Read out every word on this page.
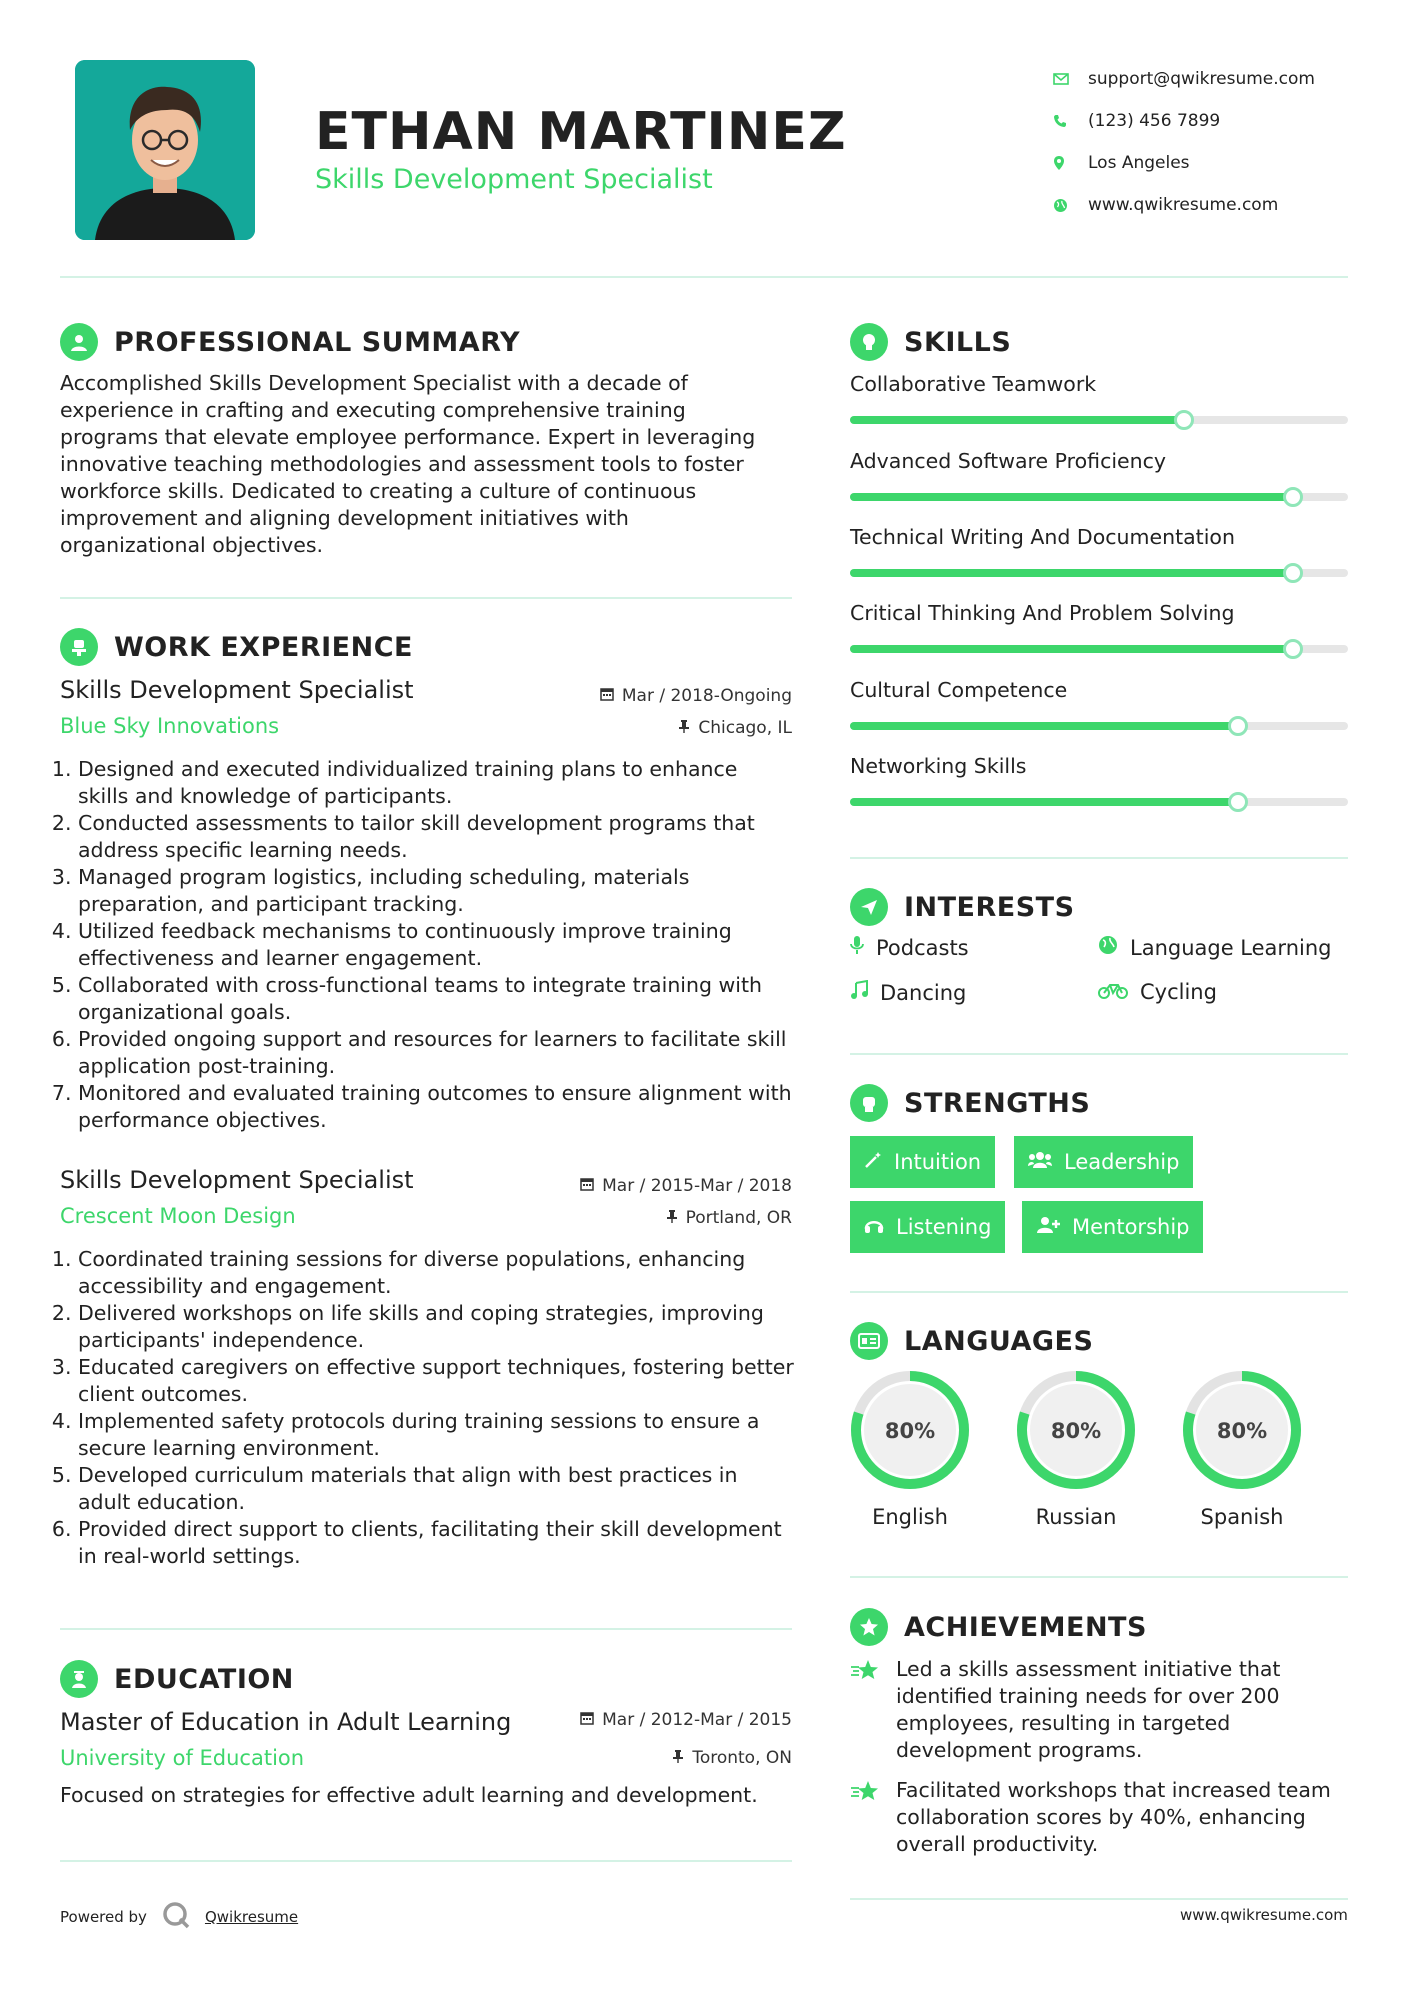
ETHAN MARTINEZ
Skills Development Specialist
support@qwikresume.com
(123) 456 7899
Los Angeles
www.qwikresume.com
PROFESSIONAL SUMMARY
Accomplished Skills Development Specialist with a decade of experience in crafting and executing comprehensive training programs that elevate employee performance. Expert in leveraging innovative teaching methodologies and assessment tools to foster workforce skills. Dedicated to creating a culture of continuous improvement and aligning development initiatives with organizational objectives.
WORK EXPERIENCE
Skills Development Specialist	Mar / 2018-Ongoing
Blue Sky Innovations	Chicago, IL
1. Designed and executed individualized training plans to enhance skills and knowledge of participants.
2. Conducted assessments to tailor skill development programs that address specific learning needs.
3. Managed program logistics, including scheduling, materials preparation, and participant tracking.
4. Utilized feedback mechanisms to continuously improve training effectiveness and learner engagement.
5. Collaborated with cross-functional teams to integrate training with organizational goals.
6. Provided ongoing support and resources for learners to facilitate skill application post-training.
7. Monitored and evaluated training outcomes to ensure alignment with performance objectives.
Skills Development Specialist	Mar / 2015-Mar / 2018
Crescent Moon Design	Portland, OR
1. Coordinated training sessions for diverse populations, enhancing accessibility and engagement.
2. Delivered workshops on life skills and coping strategies, improving participants' independence.
3. Educated caregivers on effective support techniques, fostering better client outcomes.
4. Implemented safety protocols during training sessions to ensure a secure learning environment.
5. Developed curriculum materials that align with best practices in adult education.
6. Provided direct support to clients, facilitating their skill development in real-world settings.
EDUCATION
Master of Education in Adult Learning	Mar / 2012-Mar / 2015
University of Education	Toronto, ON
Focused on strategies for effective adult learning and development.
SKILLS
Collaborative Teamwork
Advanced Software Proficiency
Technical Writing And Documentation
Critical Thinking And Problem Solving
Cultural Competence
Networking Skills
INTERESTS
Podcasts	Language Learning
Dancing	Cycling
STRENGTHS
Intuition	Leadership
Listening	Mentorship
LANGUAGES
80%
English
80%
Russian
80%
Spanish
ACHIEVEMENTS
Led a skills assessment initiative that identified training needs for over 200 employees, resulting in targeted development programs.
Facilitated workshops that increased team collaboration scores by 40%, enhancing overall productivity.
Powered by	Qwikresume	www.qwikresume.com
